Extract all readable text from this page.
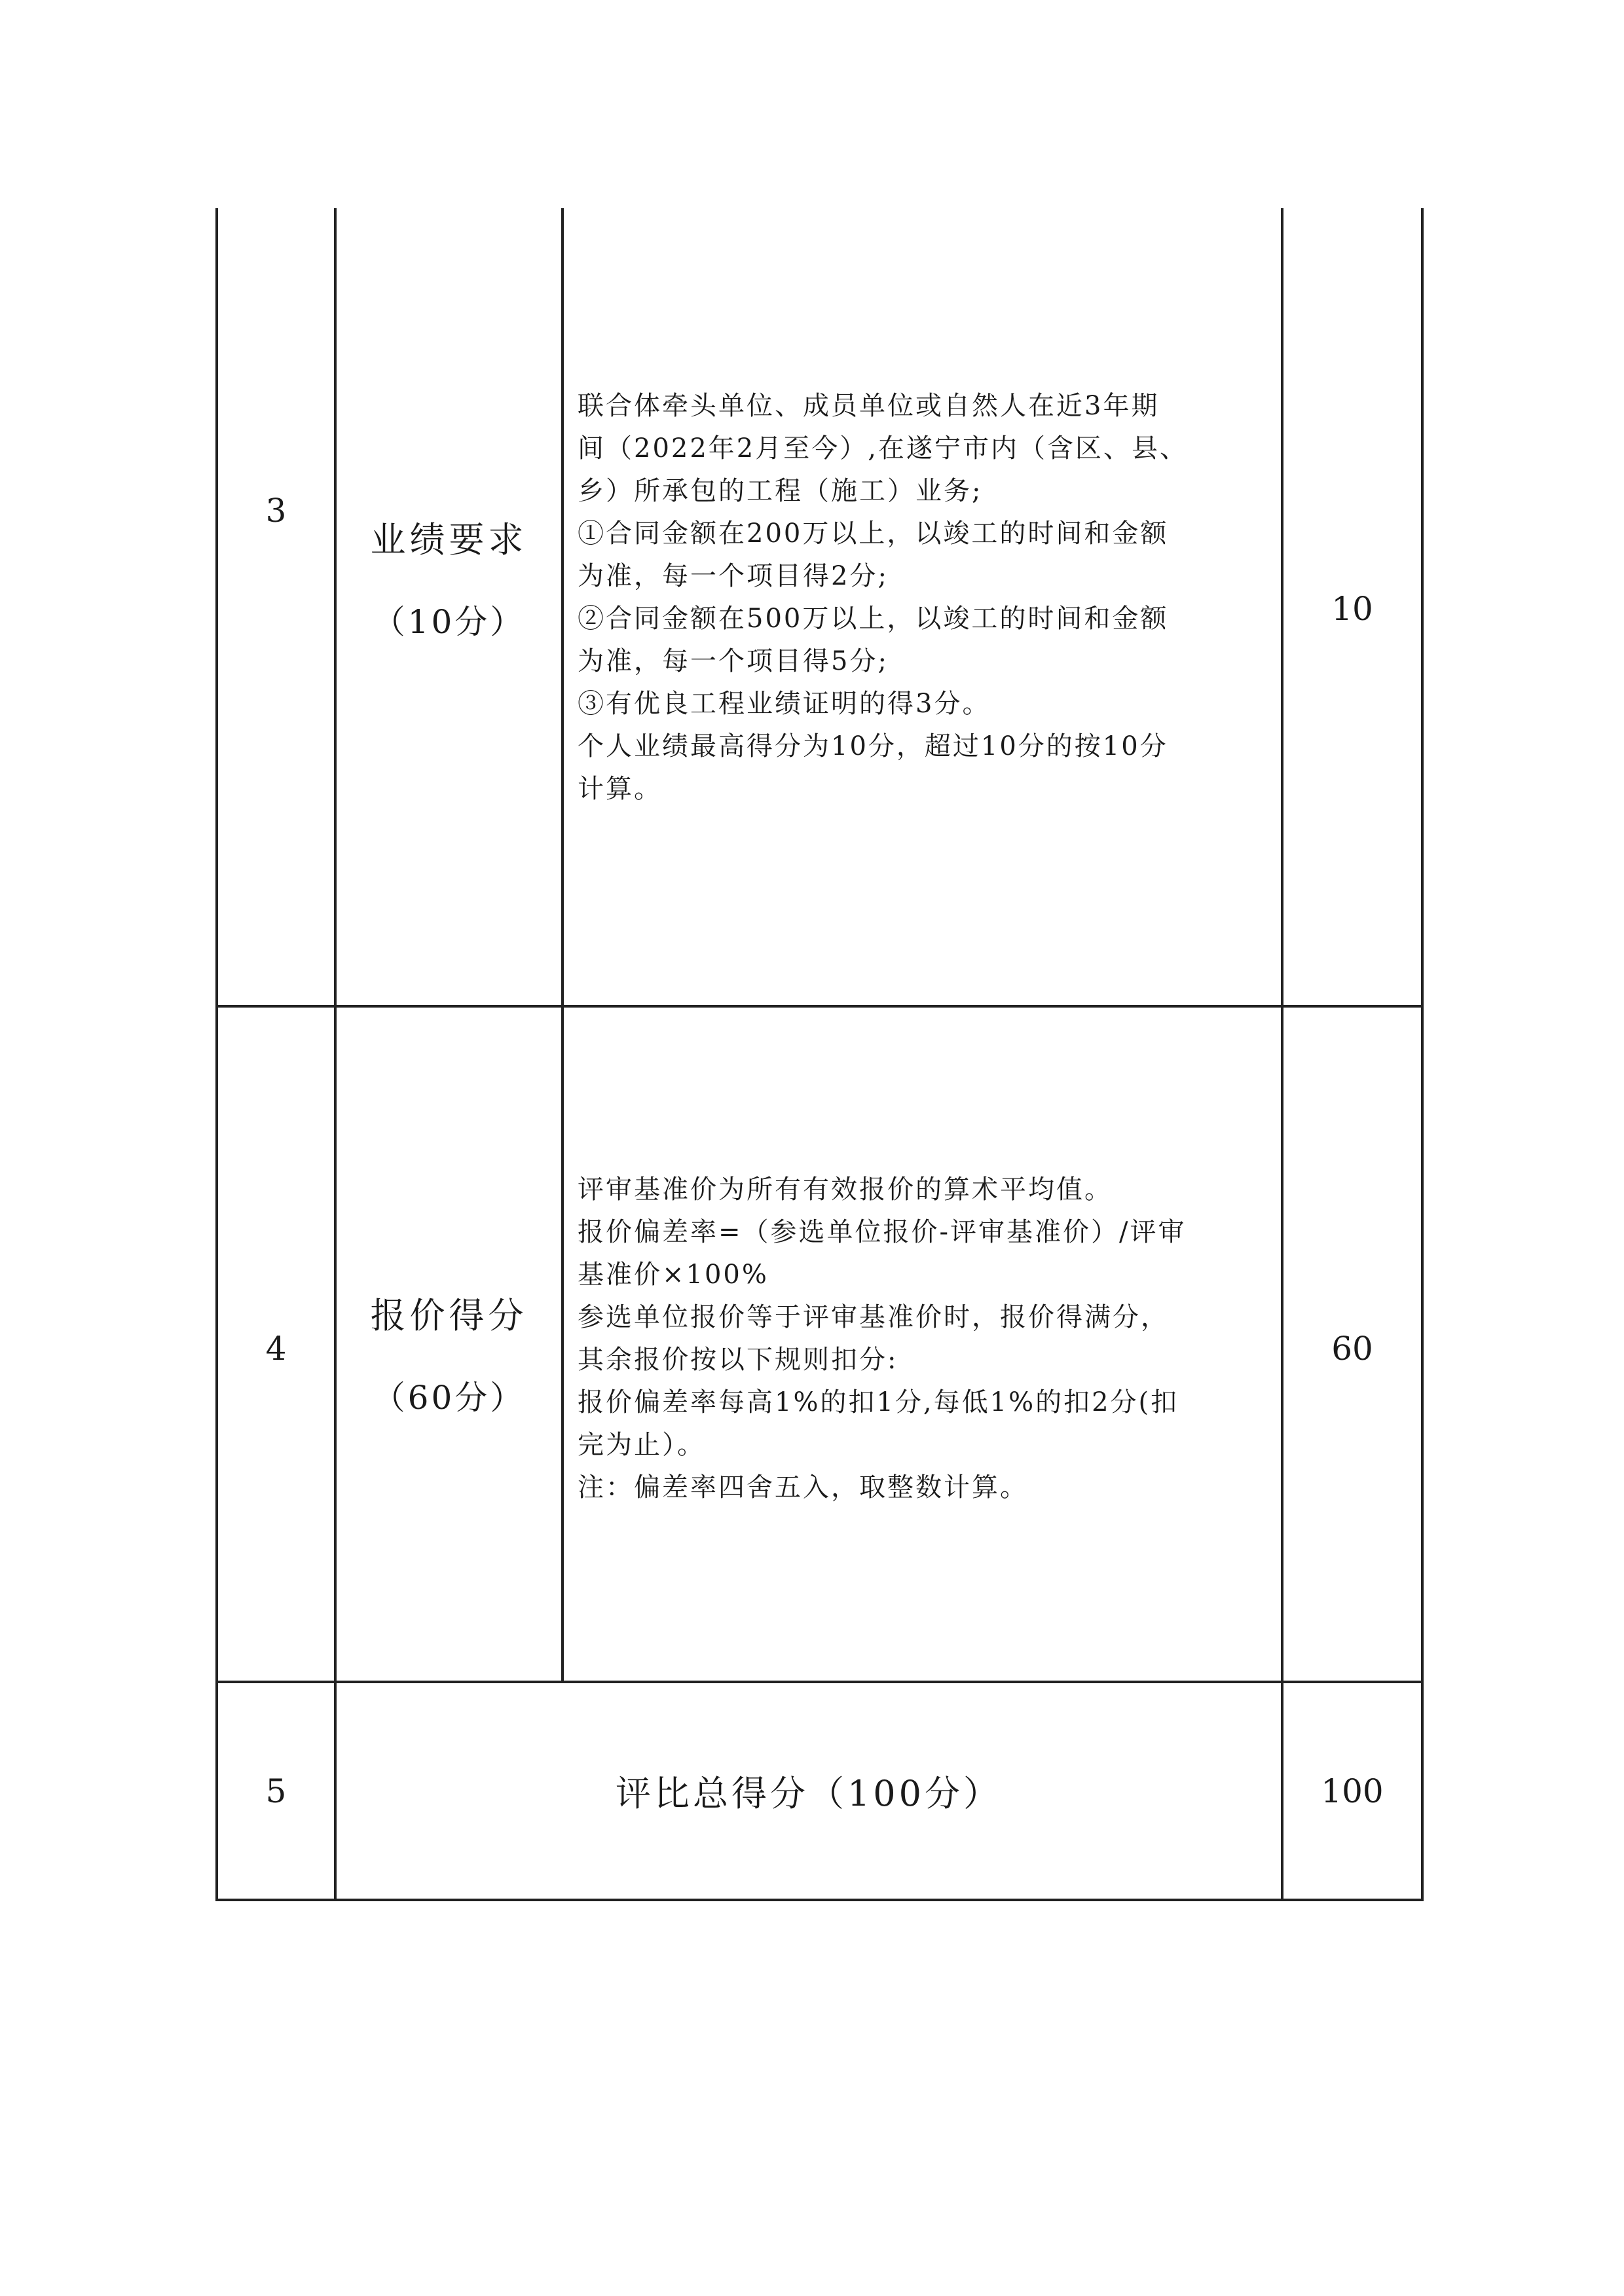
3
业绩要求
（10分）
联合体牵头单位、成员单位或自然人在近3年期
间（2022年2月至今）,在遂宁市内（含区、县、
乡）所承包的工程（施工）业务;
①合同金额在200万以上，以竣工的时间和金额
为准，每一个项目得2分;
②合同金额在500万以上，以竣工的时间和金额
为准，每一个项目得5分;
③有优良工程业绩证明的得3分。
个人业绩最高得分为10分，超过10分的按10分
计算。
10
4
报价得分
（60分）
评审基准价为所有有效报价的算术平均值。
报价偏差率=（参选单位报价-评审基准价）/评审
基准价×100%
参选单位报价等于评审基准价时，报价得满分，
其余报价按以下规则扣分:
报价偏差率每高1%的扣1分,每低1%的扣2分(扣
完为止）。
注：偏差率四舍五入，取整数计算。
60
5	评比总得分（100分）	100
